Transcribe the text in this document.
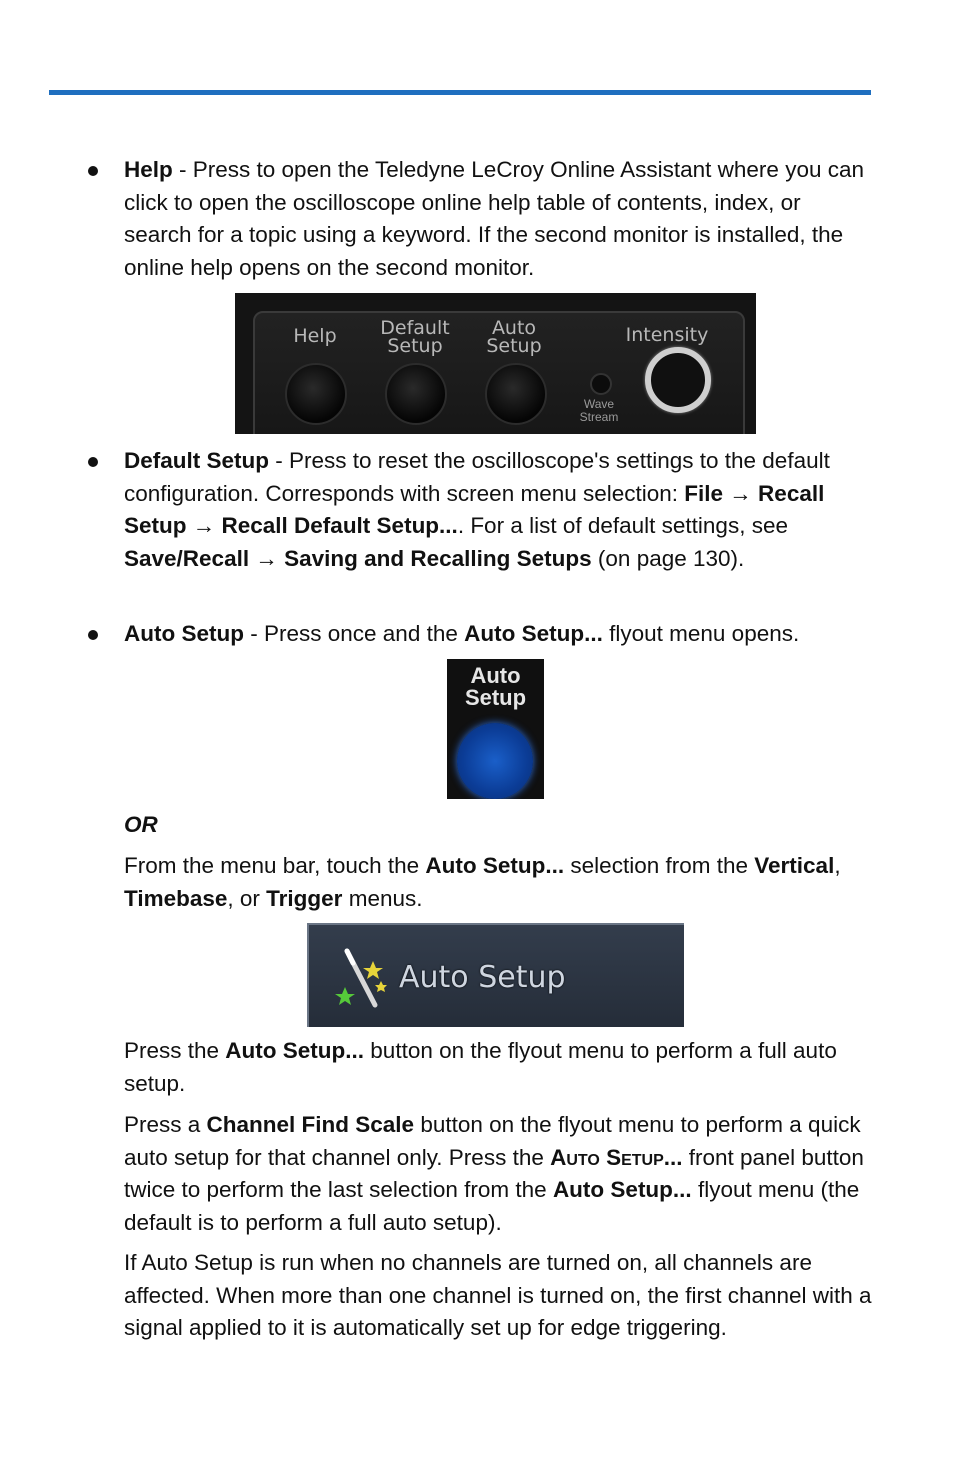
Help - Press to open the Teledyne LeCroy Online Assistant where you can click to open the oscilloscope online help table of contents, index, or search for a topic using a keyword. If the second monitor is installed, the online help opens on the second monitor.
Help	Default
Setup
Auto
Setup	Intensity
Wave
Stream
Default Setup - Press to reset the oscilloscope's settings to the default configuration. Corresponds with screen menu selection: File → Recall Setup → Recall Default Setup.... For a list of default settings, see Save/Recall → Saving and Recalling Setups (on page 130).
Auto Setup - Press once and the Auto Setup... flyout menu opens.
Auto
Setup
OR
From the menu bar, touch the Auto Setup... selection from the Vertical, Timebase, or Trigger menus.
Auto Setup
Press the Auto Setup... button on the flyout menu to perform a full auto setup.
Press a Channel Find Scale button on the flyout menu to perform a quick auto setup for that channel only. Press the Auto Setup... front panel button twice to perform the last selection from the Auto Setup... flyout menu (the default is to perform a full auto setup).
If Auto Setup is run when no channels are turned on, all channels are affected. When more than one channel is turned on, the first channel with a signal applied to it is automatically set up for edge triggering.
